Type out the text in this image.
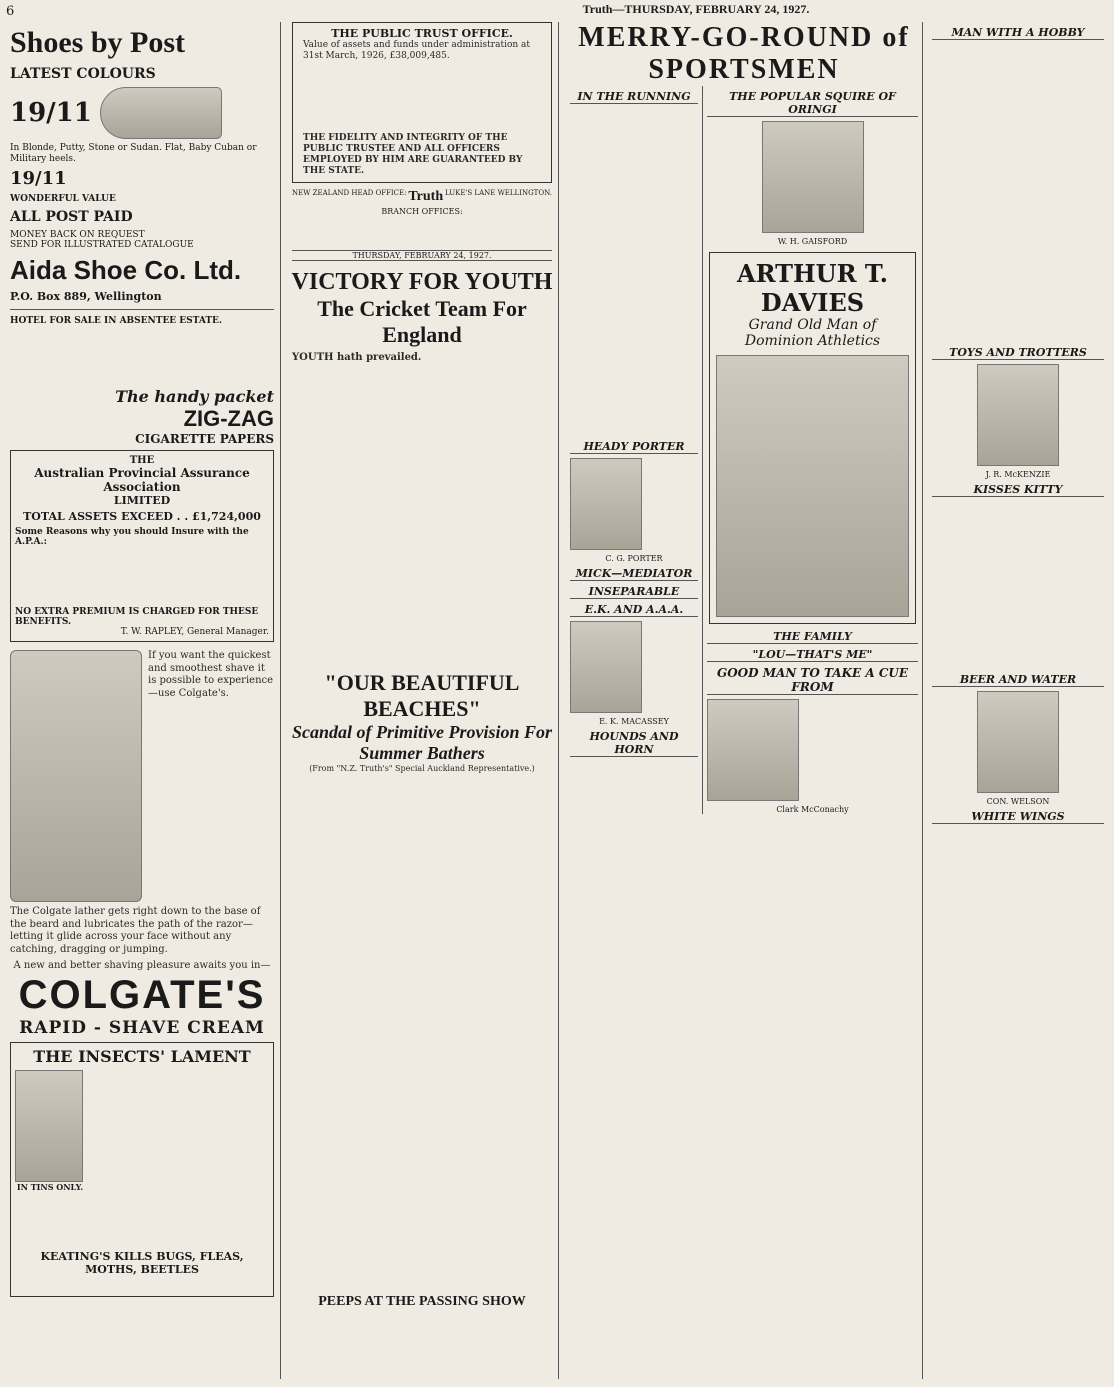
6	Truth—THURSDAY, FEBRUARY 24, 1927.
Shoes by Post
LATEST COLOURS
19/11
In Blonde, Putty, Stone or Sudan. Flat, Baby Cuban or Military heels.
19/11
WONDERFUL VALUE
ALL POST PAID
MONEY BACK ON REQUEST
SEND FOR ILLUSTRATED CATALOGUE
Aida Shoe Co. Ltd.
P.O. Box 889, Wellington
HOTEL FOR SALE IN ABSENTEE ESTATE.
The handy packet
ZIG-ZAG
CIGARETTE PAPERS
THE
Australian Provincial Assurance Association
LIMITED
TOTAL ASSETS EXCEED . . £1,724,000
Some Reasons why you should Insure with the A.P.A.:
NO EXTRA PREMIUM IS CHARGED FOR THESE BENEFITS.
T. W. RAPLEY, General Manager.
If you want the quickest and smoothest shave it is possible to experience —use Colgate's.
The Colgate lather gets right down to the base of the beard and lubricates the path of the razor—letting it glide across your face without any catching, dragging or jumping.
A new and better shaving pleasure awaits you in—
COLGATE'S
RAPID - SHAVE CREAM
THE INSECTS' LAMENT
IN TINS ONLY.
KEATING'S KILLS BUGS, FLEAS, MOTHS, BEETLES
THE PUBLIC TRUST OFFICE.
Value of assets and funds under administration at 31st March, 1926, £38,009,485.
THE FIDELITY AND INTEGRITY OF THE PUBLIC TRUSTEE AND ALL OFFICERS EMPLOYED BY HIM ARE GUARANTEED BY THE STATE.
NEW ZEALAND HEAD OFFICE: Truth LUKE'S LANE WELLINGTON.
BRANCH OFFICES:
THURSDAY, FEBRUARY 24, 1927.
VICTORY FOR YOUTH
The Cricket Team For England
YOUTH hath prevailed.
"OUR BEAUTIFUL BEACHES"
Scandal of Primitive Provision For Summer Bathers
(From "N.Z. Truth's" Special Auckland Representative.)
PEEPS AT THE PASSING SHOW
MERRY-GO-ROUND of SPORTSMEN
IN THE RUNNING
HEADY PORTER
C. G. PORTER
MICK—MEDIATOR
INSEPARABLE
E.K. AND A.A.A.
E. K. MACASSEY
HOUNDS AND HORN
THE POPULAR SQUIRE OF ORINGI
W. H. GAISFORD
ARTHUR T. DAVIES
Grand Old Man of Dominion Athletics
THE FAMILY
"LOU—THAT'S ME"
GOOD MAN TO TAKE A CUE FROM
Clark McConachy
MAN WITH A HOBBY
TOYS AND TROTTERS
J. R. McKENZIE
KISSES KITTY
BEER AND WATER
CON. WELSON
WHITE WINGS
